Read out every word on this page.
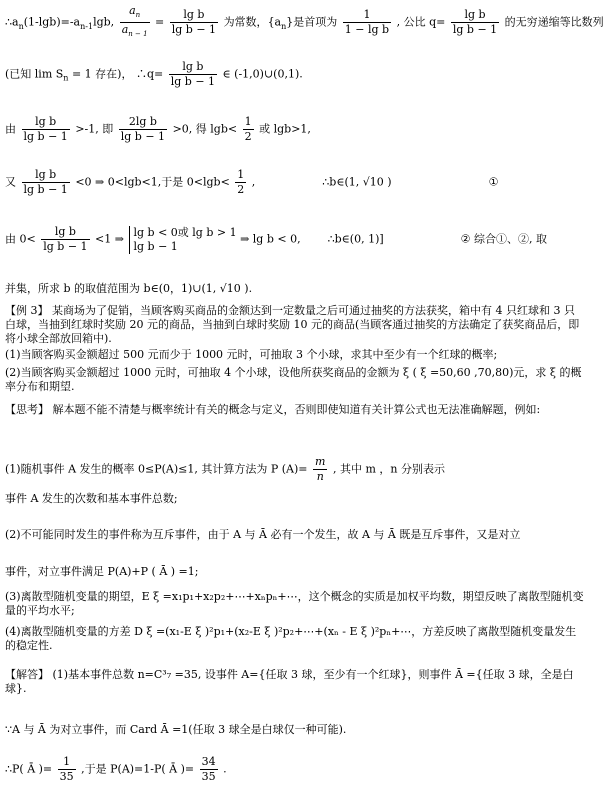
$\therefore a_n(1-\lg b)=-a_{n-1}\lg b$, $\frac{a_n}{a_{n - 1}} = \frac{\text{lg b}}{\text{lg b − 1}}$ 为常数，$\{a_n\}$是首项为 $\frac{1}{\text{1 − lg b}}$ , 公比 $q= \frac{\text{lg b}}{\text{lg b − 1}}$ 的无穷递缩等比数列
(已知 $\lim S_n = 1$ 存在)， ∴q= $\frac{\text{lg b}}{\text{lg b − 1}}$ ∈ (-1,0)∪(0,1).
由 $\frac{\text{lg b}}{\text{lg b − 1}} >-1$, 即 $\frac{\text{2lg b}}{\text{lg b − 1}} >0$, 得 $\lg b< \frac{1}{2}$ 或 lgb>1,
又 $\frac{\text{lg b}}{\text{lg b − 1}} <0$ ⇒ 0<lgb<1,于是 $0<\lg b< \frac{1}{2}$ ,	∴b∈(1, √10 )	①
由 $0< \frac{\text{lg b}}{\text{lg b − 1}} <1$ ⇒
lg b < 0或 lg b > 1
lg b − 1
⇒ lg b < 0, ∴b∈(0, 1)]	② 综合①、②, 取
并集，所求 b 的取值范围为 b∈(0，1)∪(1, √10 ).
【例 3】 某商场为了促销，当顾客购买商品的金额达到一定数量之后可通过抽奖的方法获奖，箱中有 4 只红球和 3 只白球，当抽到红球时奖励 20 元的商品，当抽到白球时奖励 10 元的商品(当顾客通过抽奖的方法确定了获奖商品后，即将小球全部放回箱中).
(1)当顾客购买金额超过 500 元而少于 1000 元时，可抽取 3 个小球，求其中至少有一个红球的概率;
(2)当顾客购买金额超过 1000 元时，可抽取 4 个小球，设他所获奖商品的金额为 ξ ( ξ =50,60 ,70,80)元，求 ξ 的概率分布和期望.
【思考】 解本题不能不清楚与概率统计有关的概念与定义，否则即使知道有关计算公式也无法准确解题，例如:
(1)随机事件 A 发生的概率 0≤P(A)≤1, 其计算方法为 P $(A)= \frac{m}{n}$ , 其中 m ，n 分别表示
事件 A 发生的次数和基本事件总数;
(2)不可能同时发生的事件称为互斥事件，由于 A 与 Ā 必有一个发生，故 A 与 Ā 既是互斥事件，又是对立
事件，对立事件满足 P(A)+P ( Ā ) =1;
(3)离散型随机变量的期望，E ξ =x₁p₁+x₂p₂+⋯+xₙpₙ+⋯，这个概念的实质是加权平均数，期望反映了离散型随机变量的平均水平;
(4)离散型随机变量的方差 D ξ =(x₁-E ξ )²p₁+(x₂-E ξ )²p₂+⋯+(xₙ - E ξ )²pₙ+⋯，方差反映了离散型随机变量发生的稳定性.
【解答】 (1)基本事件总数 n=C³₇ =35, 设事件 A={任取 3 球，至少有一个红球}，则事件 Ā ={任取 3 球，全是白球}.
∵A 与 Ā 为对立事件，而 Card Ā =1(任取 3 球全是白球仅一种可能).
∴P( Ā )= $\frac{1}{35}$ ,于是 P(A)=1-P( Ā )= $\frac{34}{35}$ .
